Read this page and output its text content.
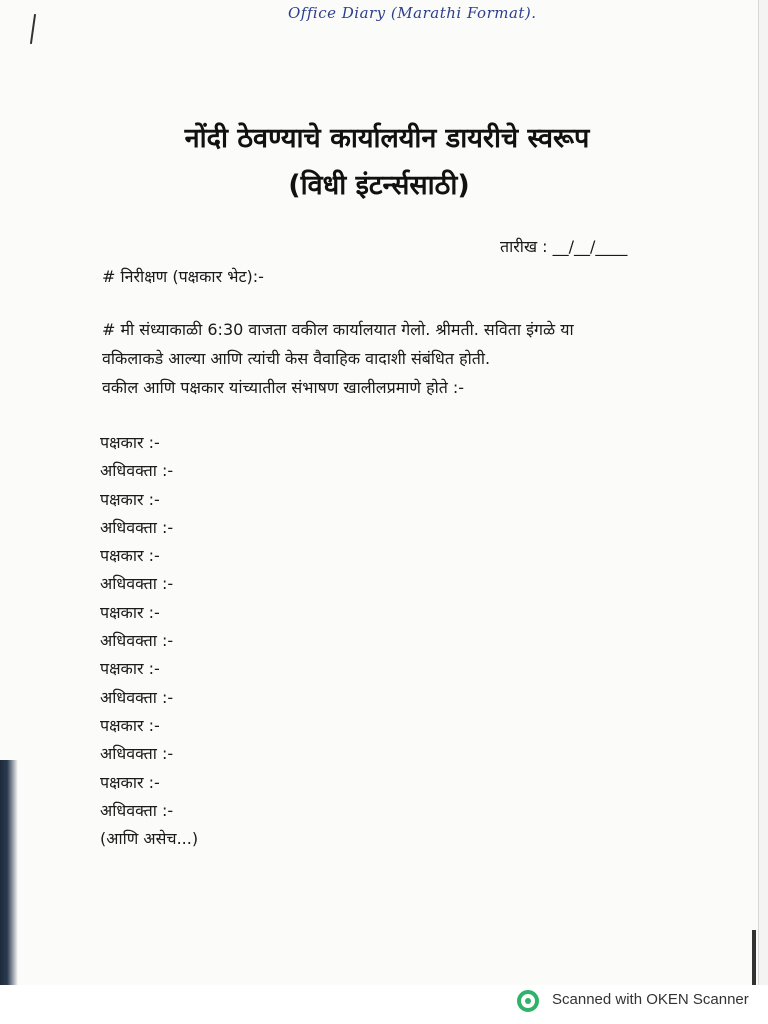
Office Diary (Marathi Format).
नोंदी ठेवण्याचे कार्यालयीन डायरीचे स्वरूप
(विधी इंटर्न्ससाठी)
तारीख : __/__/____
# निरीक्षण (पक्षकार भेट):-
# मी संध्याकाळी 6:30 वाजता वकील कार्यालयात गेलो. श्रीमती. सविता इंगळे या
वकिलाकडे आल्या आणि त्यांची केस वैवाहिक वादाशी संबंधित होती.
वकील आणि पक्षकार यांच्यातील संभाषण खालीलप्रमाणे होते :-
पक्षकार :-
अधिवक्ता :-
पक्षकार :-
अधिवक्ता :-
पक्षकार :-
अधिवक्ता :-
पक्षकार :-
अधिवक्ता :-
पक्षकार :-
अधिवक्ता :-
पक्षकार :-
अधिवक्ता :-
पक्षकार :-
अधिवक्ता :-
(आणि असेच...)
Scanned with OKEN Scanner
